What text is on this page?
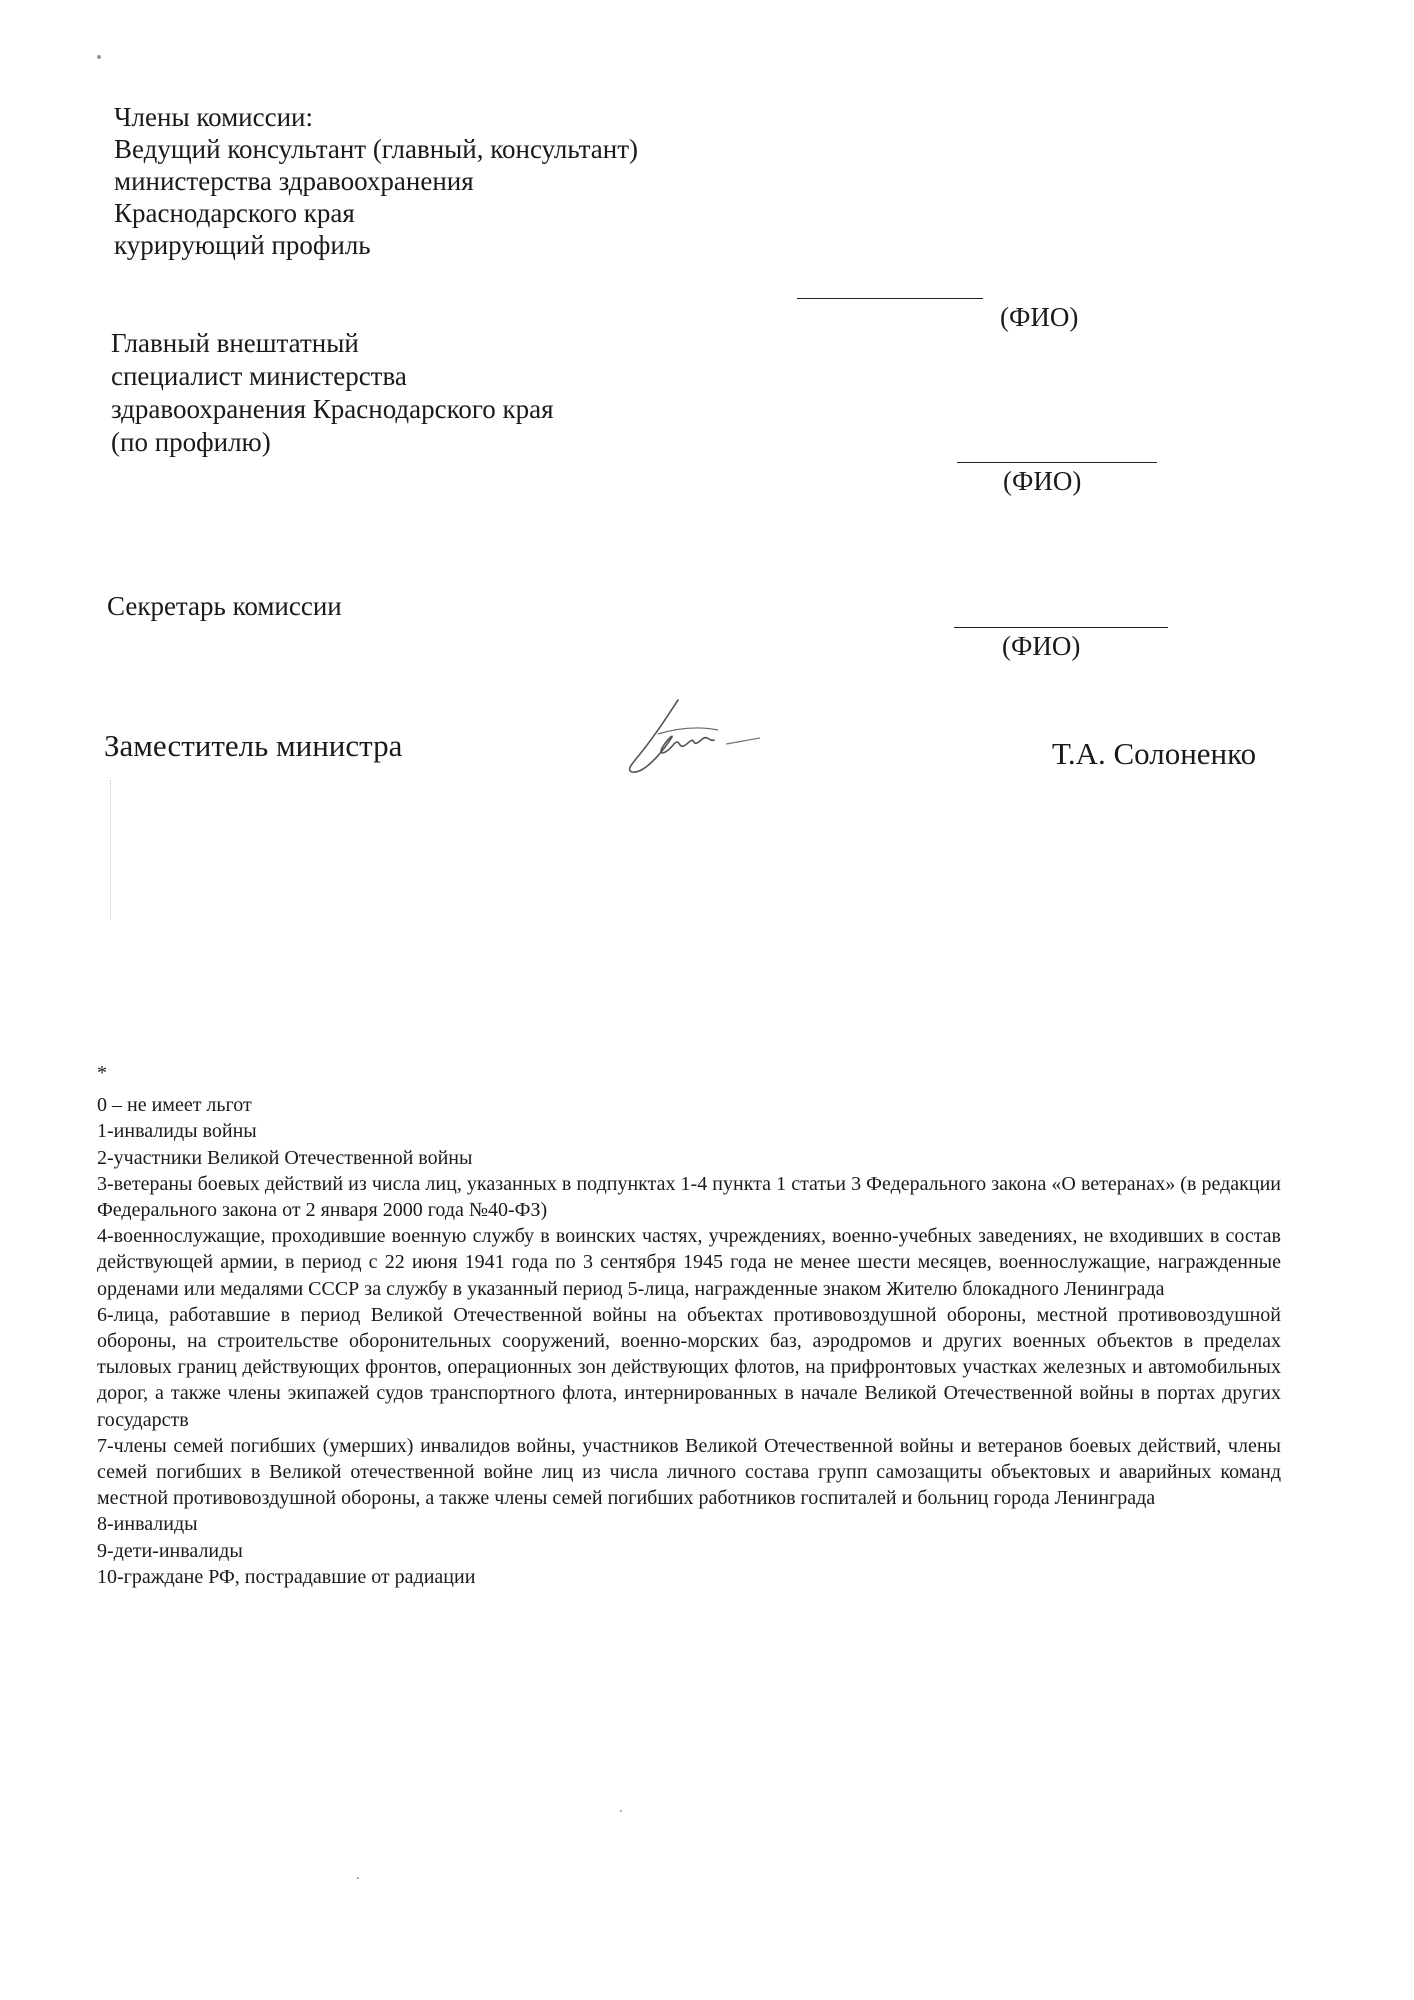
Члены комиссии:
Ведущий консультант (главный, консультант)
министерства здравоохранения
Краснодарского края
курирующий профиль
(ФИО)
Главный внештатный
специалист министерства
здравоохранения Краснодарского края
(по профилю)
(ФИО)
Секретарь комиссии
(ФИО)
Заместитель министра	Т.А. Солоненко

*

0 – не имеет льгот

1-инвалиды войны

2-участники Великой Отечественной войны

3-ветераны боевых действий из числа лиц, указанных в подпунктах 1-4 пункта 1 статьи 3 Федерального закона «О ветеранах» (в редакции Федерального закона от 2 января 2000 года №40-ФЗ)

4-военнослужащие, проходившие военную службу в воинских частях, учреждениях, военно-учебных заведениях, не входивших в состав действующей армии, в период с 22 июня 1941 года по 3 сентября 1945 года не менее шести месяцев, военнослужащие, награжденные орденами или медалями СССР за службу в указанный период 5-лица, награжденные знаком Жителю блокадного Ленинграда

6-лица, работавшие в период Великой Отечественной войны на объектах противовоздушной обороны, местной противовоздушной обороны, на строительстве оборонительных сооружений, военно-морских баз, аэродромов и других военных объектов в пределах тыловых границ действующих фронтов, операционных зон действующих флотов, на прифронтовых участках железных и автомобильных дорог, а также члены экипажей судов транспортного флота, интернированных в начале Великой Отечественной войны в портах других государств

7-члены семей погибших (умерших) инвалидов войны, участников Великой Отечественной войны и ветеранов боевых действий, члены семей погибших в Великой отечественной войне лиц из числа личного состава групп самозащиты объектовых и аварийных команд местной противовоздушной обороны, а также члены семей погибших работников госпиталей и больниц города Ленинграда

8-инвалиды

9-дети-инвалиды

10-граждане РФ, пострадавшие от радиации
